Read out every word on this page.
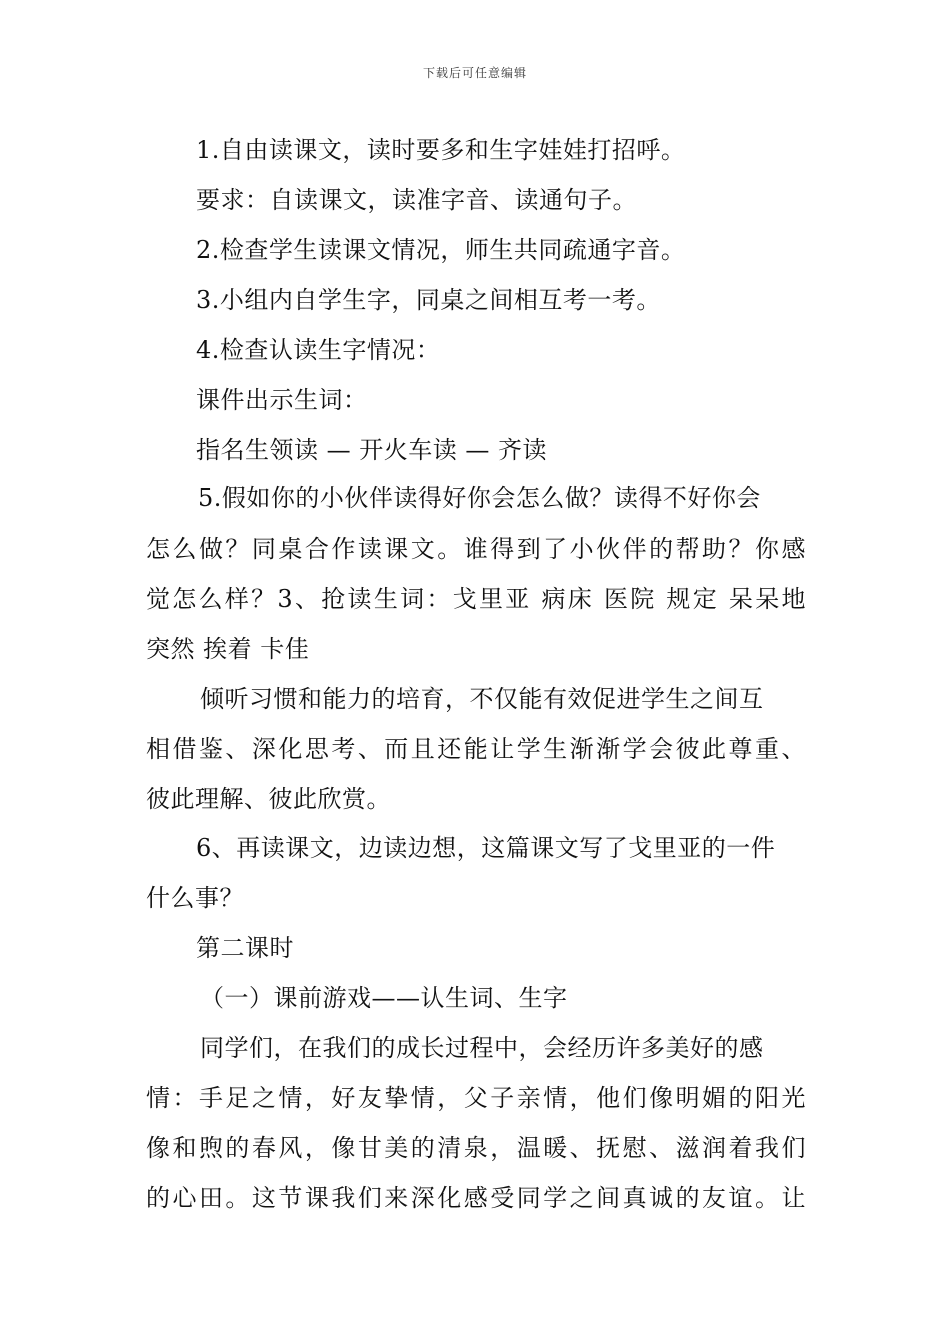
下载后可任意编辑
1.自由读课文，读时要多和生字娃娃打招呼。
要求：自读课文，读准字音、读通句子。
2.检查学生读课文情况，师生共同疏通字音。
3.小组内自学生字，同桌之间相互考一考。
4.检查认读生字情况：
课件出示生词：
指名生领读 — 开火车读 — 齐读
5.假如你的小伙伴读得好你会怎么做？读得不好你会
怎么做？同桌合作读课文。谁得到了小伙伴的帮助？你感
觉怎么样？3、抢读生词：戈里亚 病床 医院 规定 呆呆地
突然 挨着 卡佳
倾听习惯和能力的培育，不仅能有效促进学生之间互
相借鉴、深化思考、而且还能让学生渐渐学会彼此尊重、
彼此理解、彼此欣赏。
6、再读课文，边读边想，这篇课文写了戈里亚的一件
什么事？
第二课时
（一）课前游戏——认生词、生字
同学们，在我们的成长过程中，会经历许多美好的感
情：手足之情，好友挚情，父子亲情，他们像明媚的阳光
像和煦的春风，像甘美的清泉，温暖、抚慰、滋润着我们
的心田。这节课我们来深化感受同学之间真诚的友谊。让
